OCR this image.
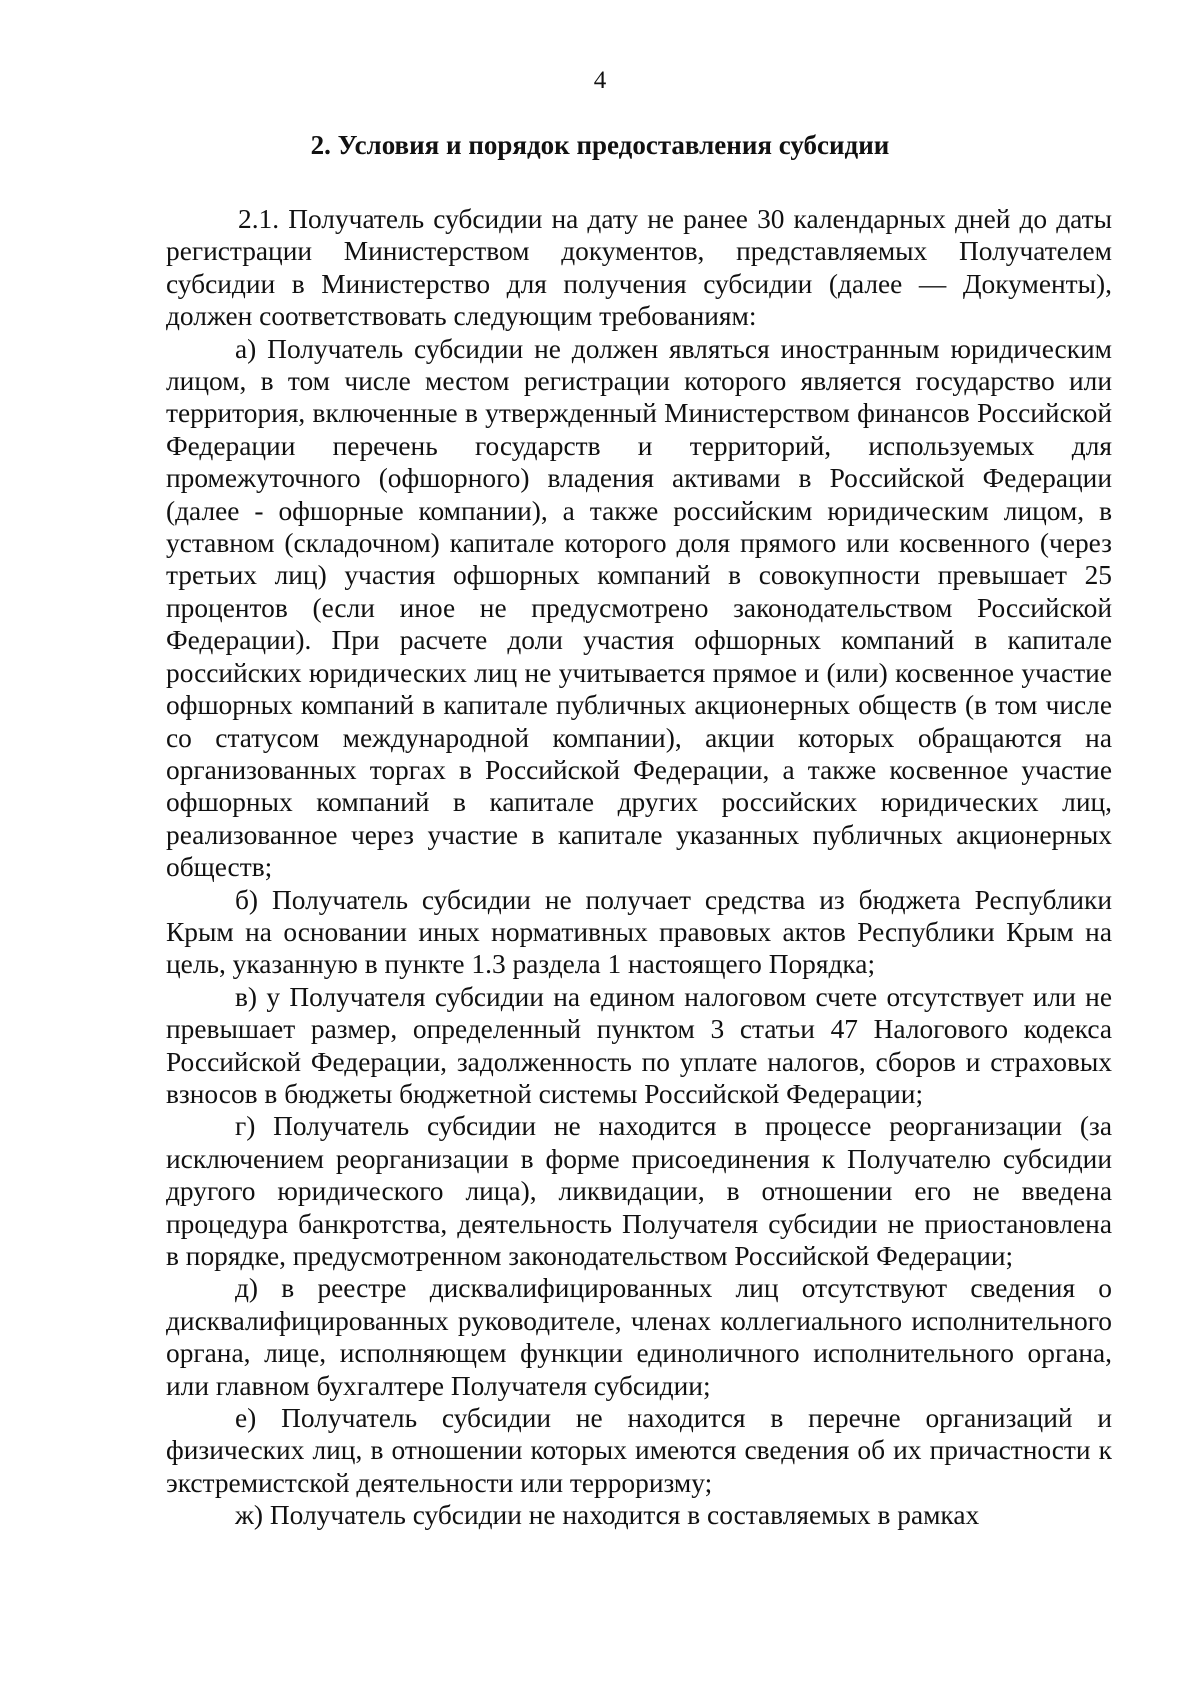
4
2. Условия и порядок предоставления субсидии

2.1. Получатель субсидии на дату не ранее 30 календарных дней до даты регистрации Министерством документов, представляемых Получателем субсидии в Министерство для получения субсидии (далее — Документы), должен соответствовать следующим требованиям:

а) Получатель субсидии не должен являться иностранным юридическим лицом, в том числе местом регистрации которого является государство или территория, включенные в утвержденный Министерством финансов Российской Федерации перечень государств и территорий, используемых для промежуточного (офшорного) владения активами в Российской Федерации (далее - офшорные компании), а также российским юридическим лицом, в уставном (складочном) капитале которого доля прямого или косвенного (через третьих лиц) участия офшорных компаний в совокупности превышает 25 процентов (если иное не предусмотрено законодательством Российской Федерации). При расчете доли участия офшорных компаний в капитале российских юридических лиц не учитывается прямое и (или) косвенное участие офшорных компаний в капитале публичных акционерных обществ (в том числе со статусом международной компании), акции которых обращаются на организованных торгах в Российской Федерации, а также косвенное участие офшорных компаний в капитале других российских юридических лиц, реализованное через участие в капитале указанных публичных акционерных обществ;

б) Получатель субсидии не получает средства из бюджета Республики Крым на основании иных нормативных правовых актов Республики Крым на цель, указанную в пункте 1.3 раздела 1 настоящего Порядка;

в) у Получателя субсидии на едином налоговом счете отсутствует или не превышает размер, определенный пунктом 3 статьи 47 Налогового кодекса Российской Федерации, задолженность по уплате налогов, сборов и страховых взносов в бюджеты бюджетной системы Российской Федерации;

г) Получатель субсидии не находится в процессе реорганизации (за исключением реорганизации в форме присоединения к Получателю субсидии другого юридического лица), ликвидации, в отношении его не введена процедура банкротства, деятельность Получателя субсидии не приостановлена в порядке, предусмотренном законодательством Российской Федерации;

д) в реестре дисквалифицированных лиц отсутствуют сведения о дисквалифицированных руководителе, членах коллегиального исполнительного органа, лице, исполняющем функции единоличного исполнительного органа, или главном бухгалтере Получателя субсидии;

е) Получатель субсидии не находится в перечне организаций и физических лиц, в отношении которых имеются сведения об их причастности к экстремистской деятельности или терроризму;

ж) Получатель субсидии не находится в составляемых в рамках
